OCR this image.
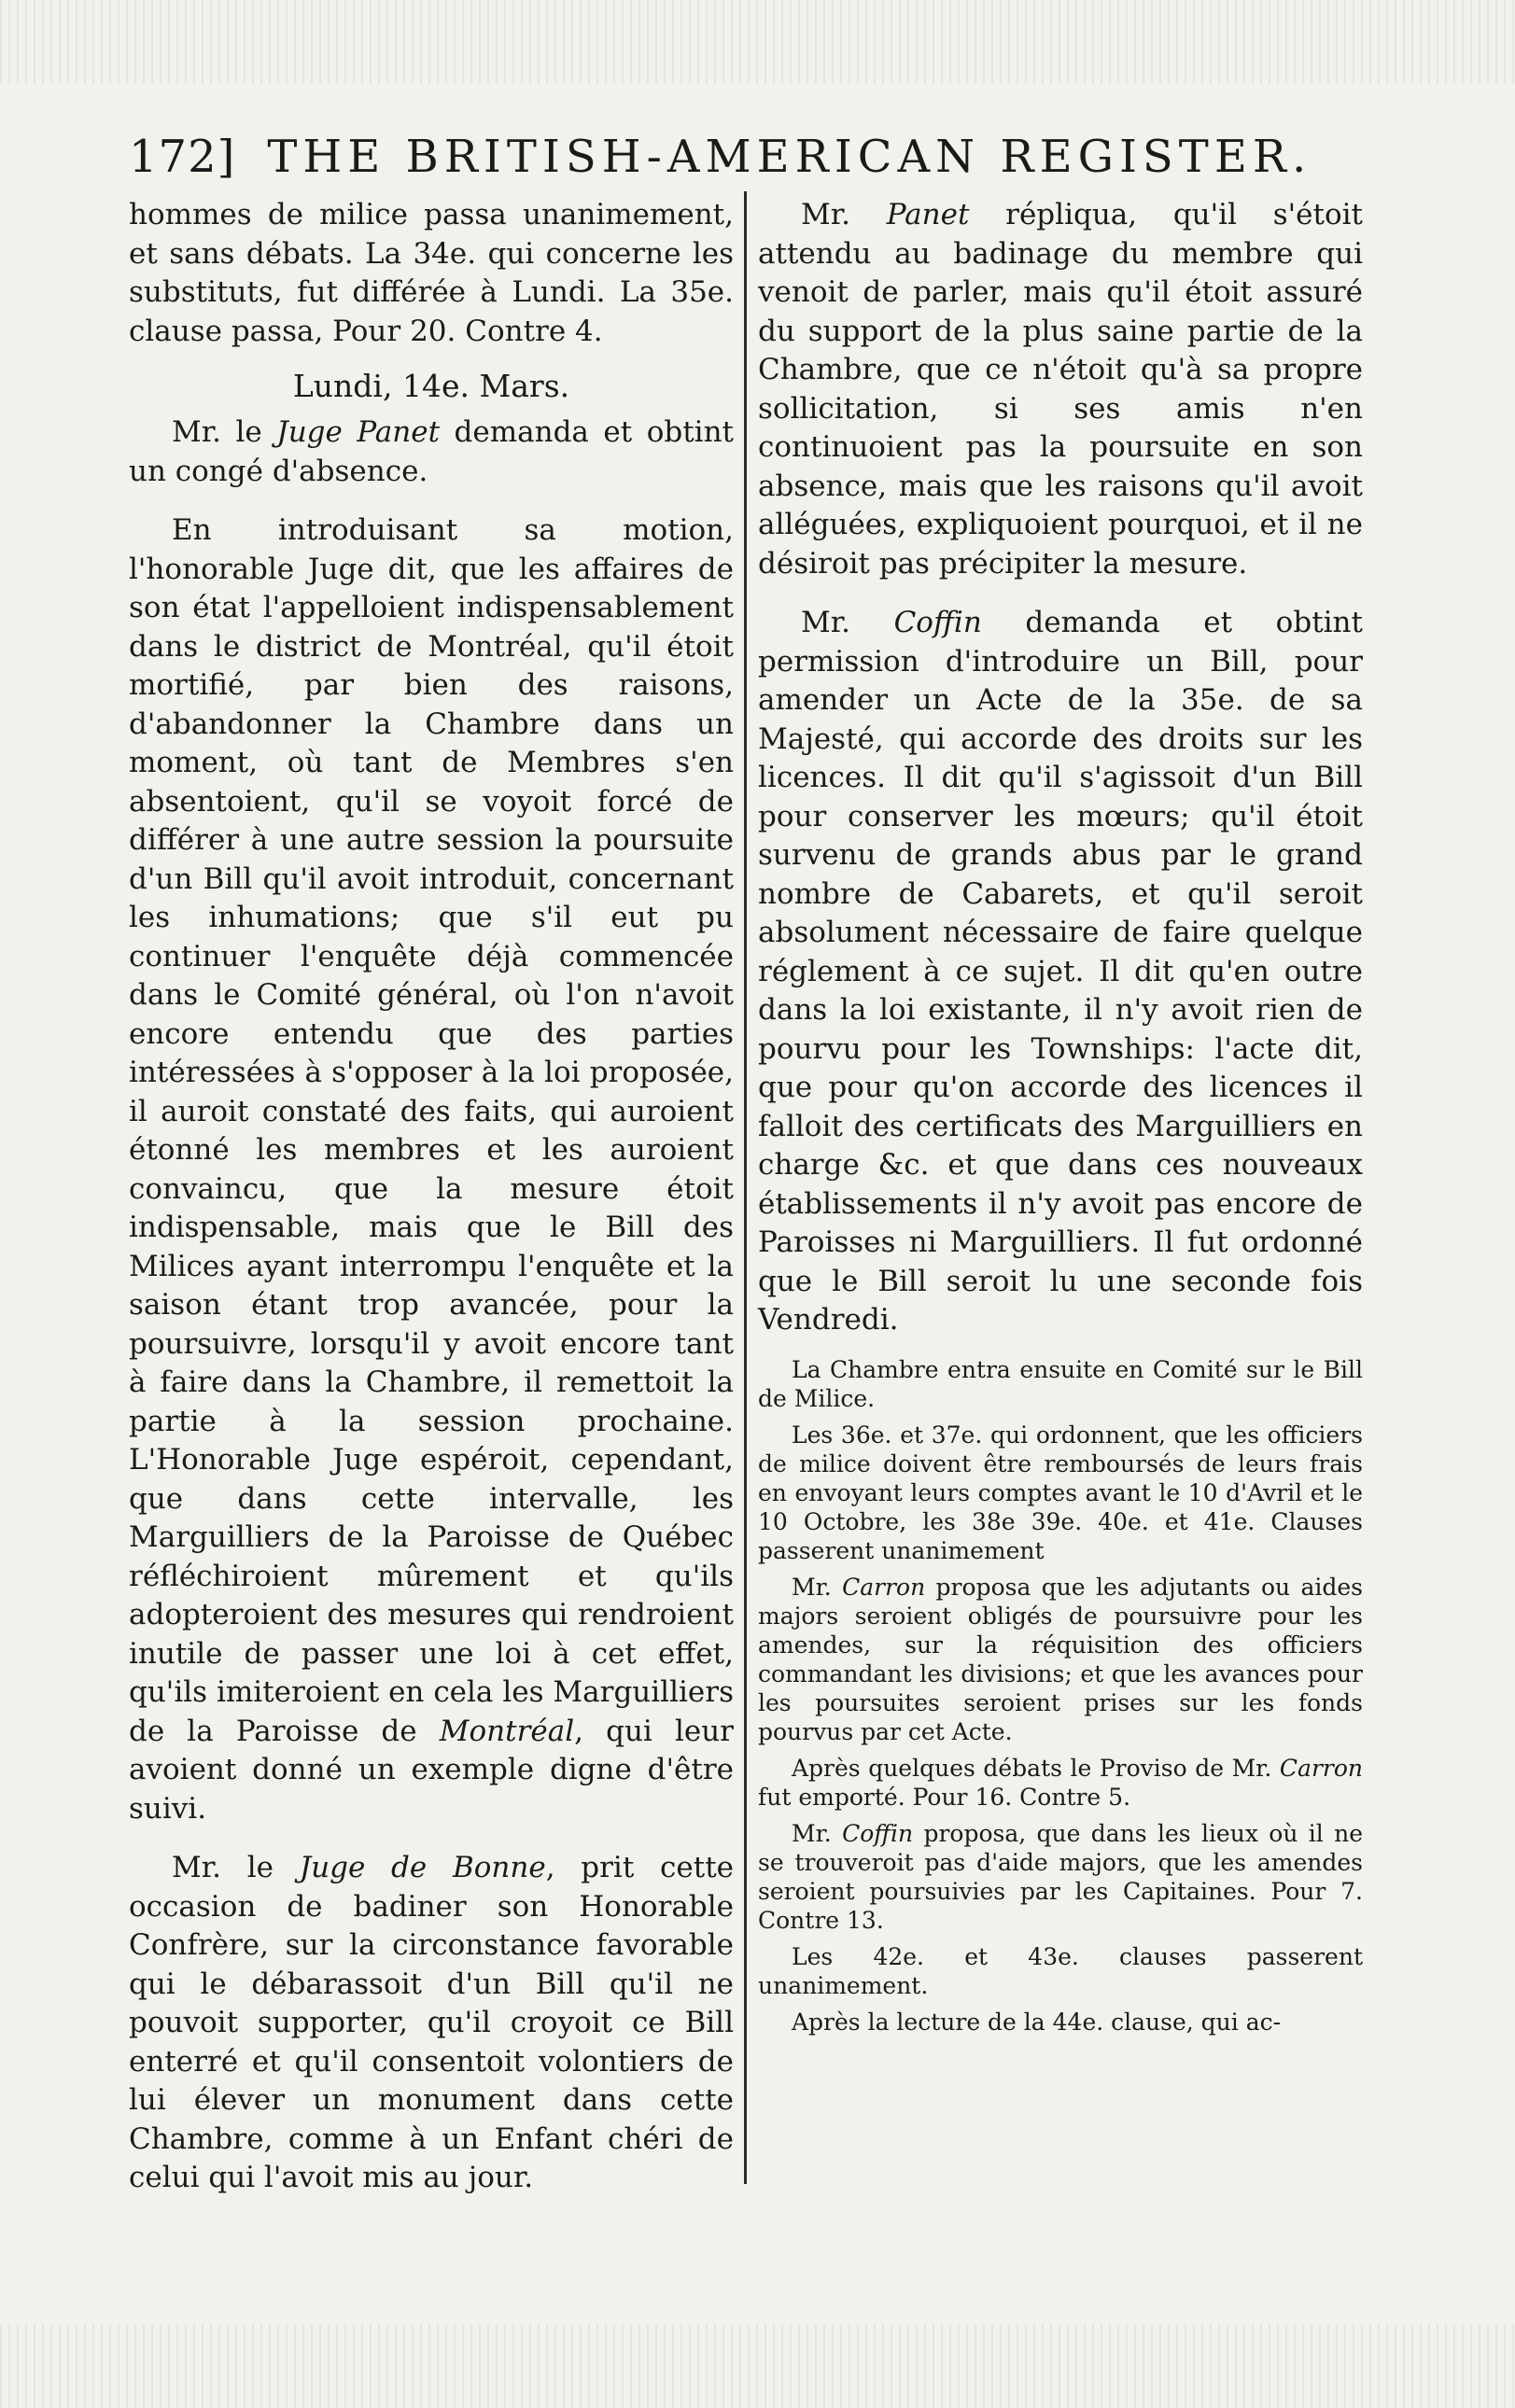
172] THE BRITISH-AMERICAN REGISTER.

hommes de milice passa unanimement, et sans débats. La 34e. qui concerne les substituts, fut différée à Lundi. La 35e. clause passa, Pour 20. Contre 4.

Lundi, 14e. Mars.

Mr. le Juge Panet demanda et obtint un congé d'absence.

En introduisant sa motion, l'honorable Juge dit, que les affaires de son état l'appelloient indispensablement dans le district de Montréal, qu'il étoit mortifié, par bien des raisons, d'abandonner la Chambre dans un moment, où tant de Membres s'en absentoient, qu'il se voyoit forcé de différer à une autre session la poursuite d'un Bill qu'il avoit introduit, concernant les inhumations; que s'il eut pu continuer l'enquête déjà commencée dans le Comité général, où l'on n'avoit encore entendu que des parties intéressées à s'opposer à la loi proposée, il auroit constaté des faits, qui auroient étonné les membres et les auroient convaincu, que la mesure étoit indispensable, mais que le Bill des Milices ayant interrompu l'enquête et la saison étant trop avancée, pour la poursuivre, lorsqu'il y avoit encore tant à faire dans la Chambre, il remettoit la partie à la session prochaine. L'Honorable Juge espéroit, cependant, que dans cette intervalle, les Marguilliers de la Paroisse de Québec réfléchiroient mûrement et qu'ils adopteroient des mesures qui rendroient inutile de passer une loi à cet effet, qu'ils imiteroient en cela les Marguilliers de la Paroisse de Montréal, qui leur avoient donné un exemple digne d'être suivi.

Mr. le Juge de Bonne, prit cette occasion de badiner son Honorable Confrère, sur la circonstance favorable qui le débarassoit d'un Bill qu'il ne pouvoit supporter, qu'il croyoit ce Bill enterré et qu'il consentoit volontiers de lui élever un monument dans cette Chambre, comme à un Enfant chéri de celui qui l'avoit mis au jour.

Mr. Panet répliqua, qu'il s'étoit attendu au badinage du membre qui venoit de parler, mais qu'il étoit assuré du support de la plus saine partie de la Chambre, que ce n'étoit qu'à sa propre sollicitation, si ses amis n'en continuoient pas la poursuite en son absence, mais que les raisons qu'il avoit alléguées, expliquoient pourquoi, et il ne désiroit pas précipiter la mesure.

Mr. Coffin demanda et obtint permission d'introduire un Bill, pour amender un Acte de la 35e. de sa Majesté, qui accorde des droits sur les licences. Il dit qu'il s'agissoit d'un Bill pour conserver les mœurs; qu'il étoit survenu de grands abus par le grand nombre de Cabarets, et qu'il seroit absolument nécessaire de faire quelque réglement à ce sujet. Il dit qu'en outre dans la loi existante, il n'y avoit rien de pourvu pour les Townships: l'acte dit, que pour qu'on accorde des licences il falloit des certificats des Marguilliers en charge &c. et que dans ces nouveaux établissements il n'y avoit pas encore de Paroisses ni Marguilliers. Il fut ordonné que le Bill seroit lu une seconde fois Vendredi.

La Chambre entra ensuite en Comité sur le Bill de Milice.

Les 36e. et 37e. qui ordonnent, que les officiers de milice doivent être remboursés de leurs frais en envoyant leurs comptes avant le 10 d'Avril et le 10 Octobre, les 38e 39e. 40e. et 41e. Clauses passerent unanimement

Mr. Carron proposa que les adjutants ou aides majors seroient obligés de poursuivre pour les amendes, sur la réquisition des officiers commandant les divisions; et que les avances pour les poursuites seroient prises sur les fonds pourvus par cet Acte.

Après quelques débats le Proviso de Mr. Carron fut emporté. Pour 16. Contre 5.

Mr. Coffin proposa, que dans les lieux où il ne se trouveroit pas d'aide majors, que les amendes seroient poursuivies par les Capitaines. Pour 7. Contre 13.

Les 42e. et 43e. clauses passerent unanimement.

Après la lecture de la 44e. clause, qui ac-
